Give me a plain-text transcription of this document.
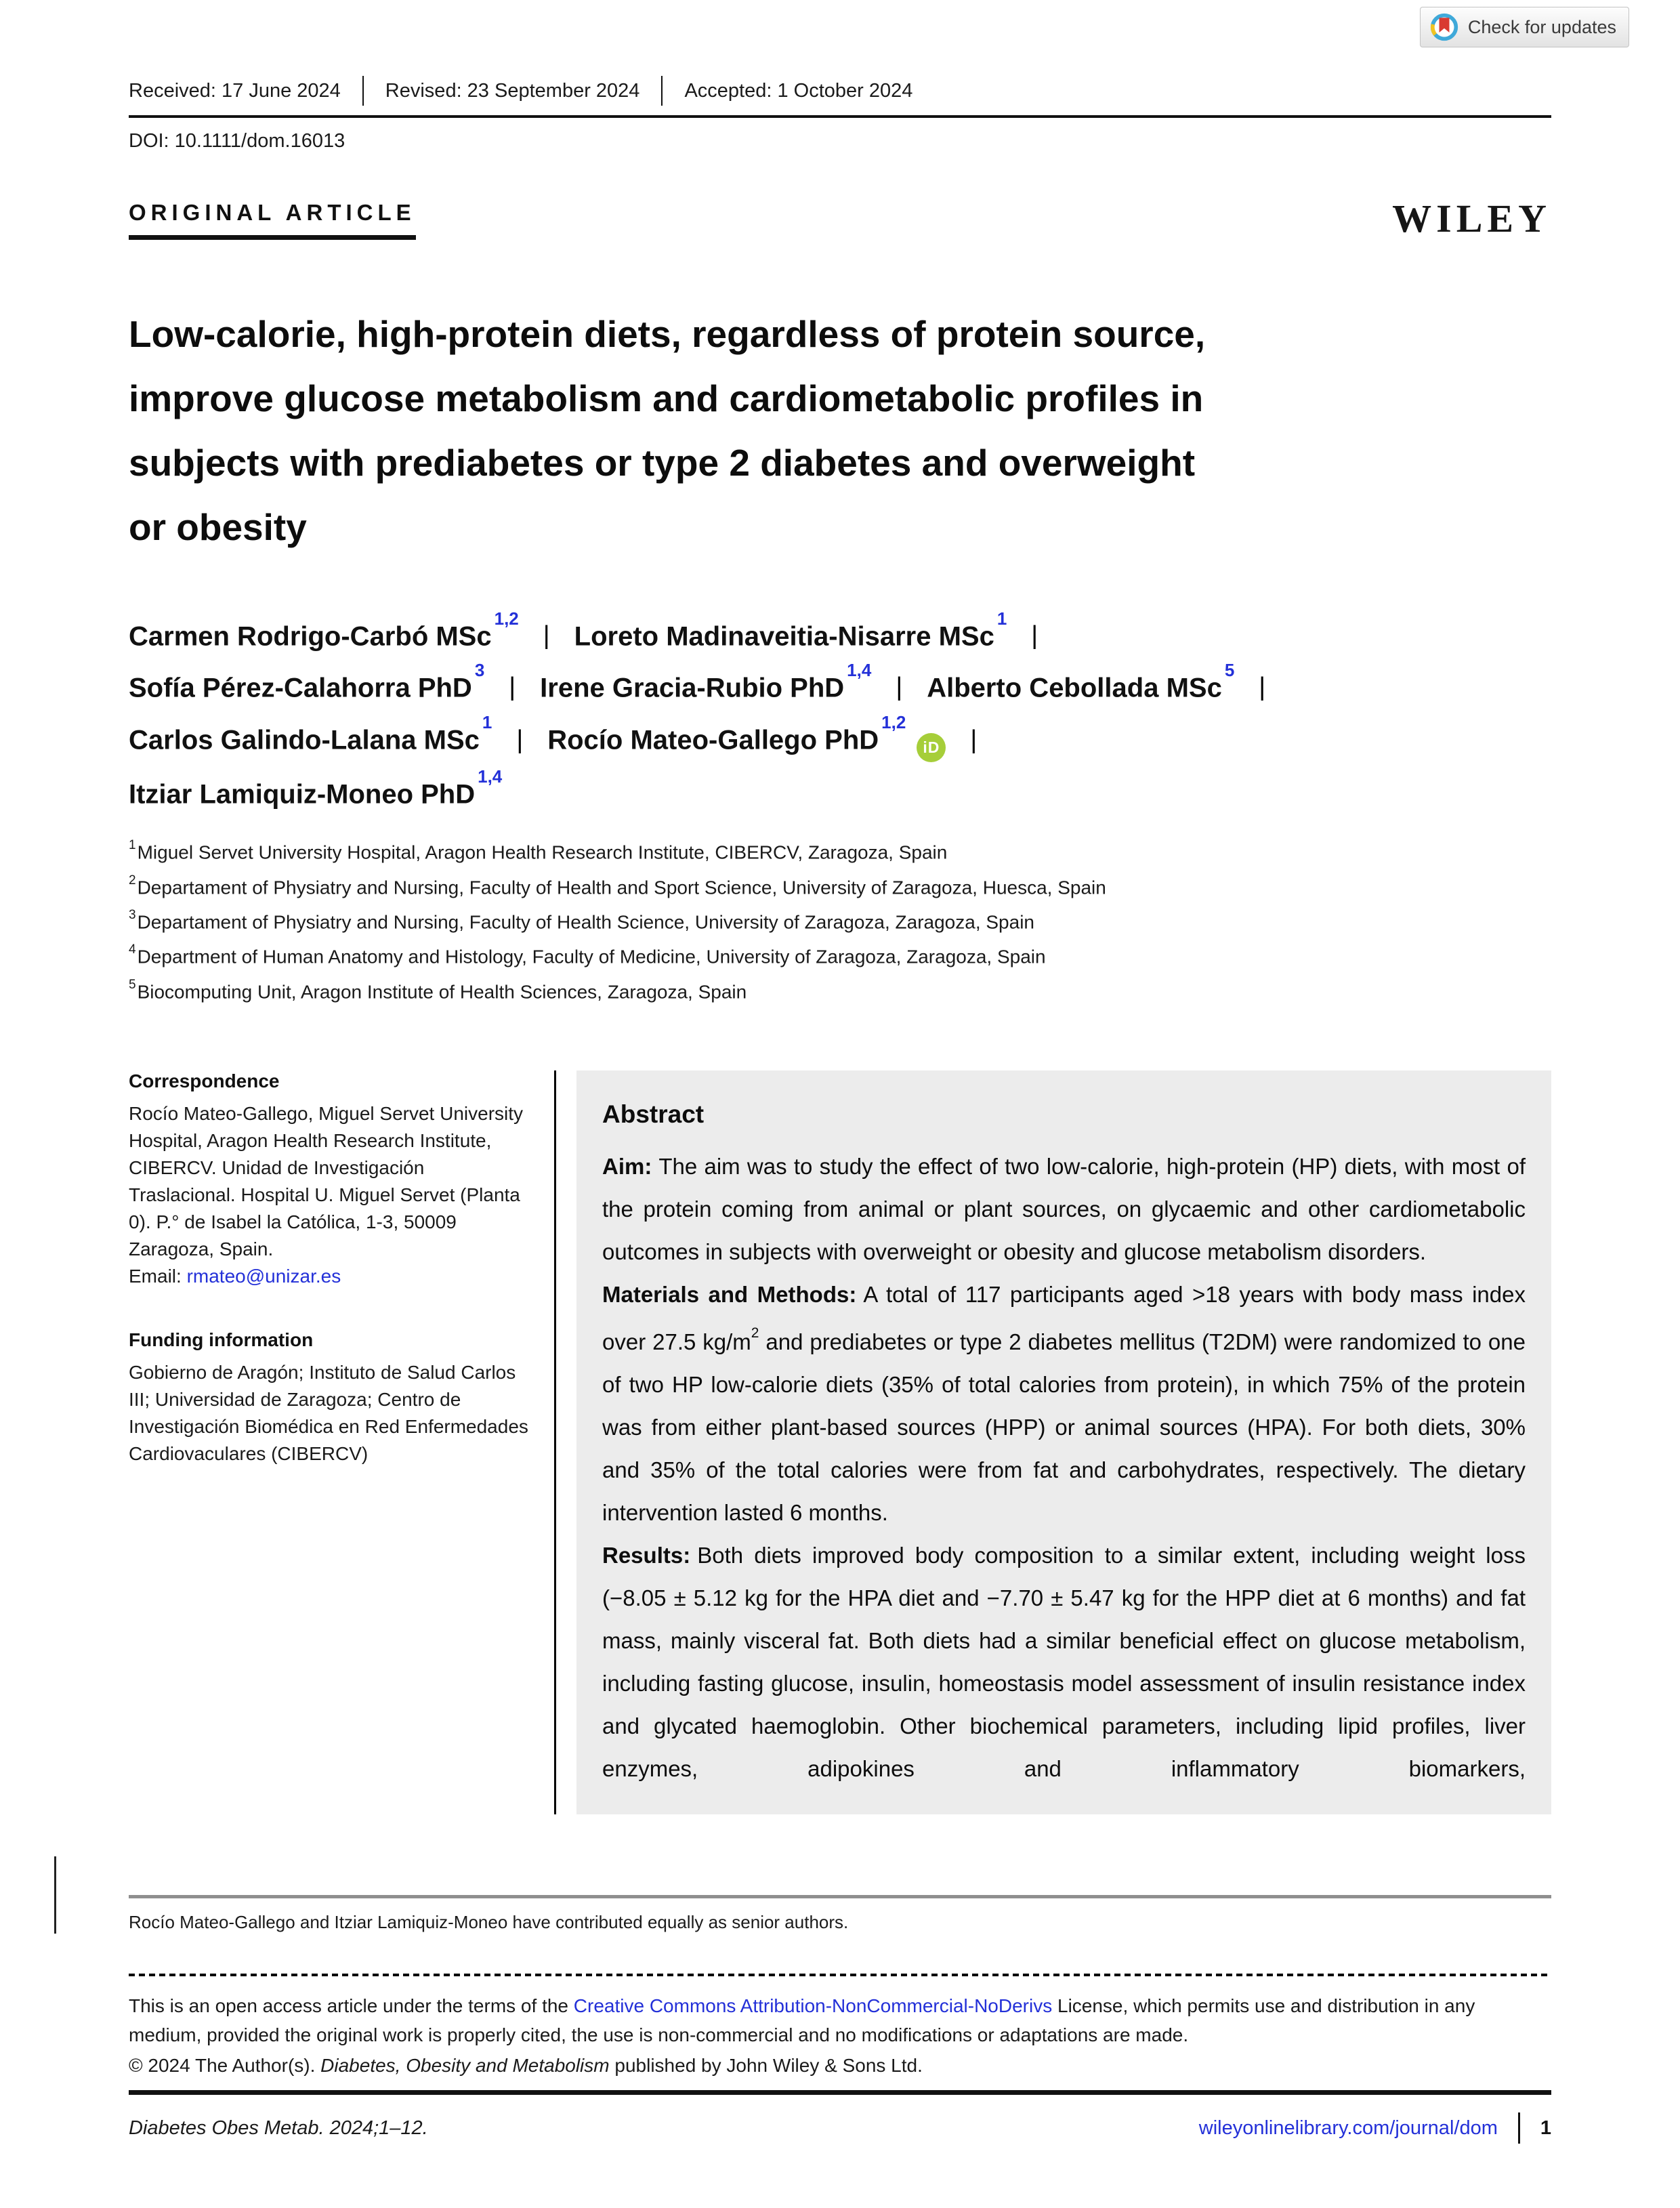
Check for updates
Received: 17 June 2024 Revised: 23 September 2024 Accepted: 1 October 2024
DOI: 10.1111/dom.16013
ORIGINAL ARTICLE	WILEY
Low-calorie, high-protein diets, regardless of protein source,
improve glucose metabolism and cardiometabolic profiles in
subjects with prediabetes or type 2 diabetes and overweight
or obesity
Carmen Rodrigo-Carbó MSc$^{1,2}$
| Loreto Madinaveitia-Nisarre MSc$^1$
|
Sofía Pérez-Calahorra PhD$^3$
| Irene Gracia-Rubio PhD$^{1,4}$
| Alberto Cebollada MSc$^5$
|
Carlos Galindo-Lalana MSc$^1$
| Rocío Mateo-Gallego PhD$^{1,2}$
iD |
Itziar Lamiquiz-Moneo PhD$^{1,4}$
$^1$Miguel Servet University Hospital, Aragon Health Research Institute, CIBERCV, Zaragoza, Spain
$^2$Departament of Physiatry and Nursing, Faculty of Health and Sport Science, University of Zaragoza, Huesca, Spain
$^3$Departament of Physiatry and Nursing, Faculty of Health Science, University of Zaragoza, Zaragoza, Spain
$^4$Department of Human Anatomy and Histology, Faculty of Medicine, University of Zaragoza, Zaragoza, Spain
$^5$Biocomputing Unit, Aragon Institute of Health Sciences, Zaragoza, Spain
Correspondence
Rocío Mateo-Gallego, Miguel Servet University Hospital, Aragon Health Research Institute, CIBERCV. Unidad de Investigación Traslacional. Hospital U. Miguel Servet (Planta 0). P.° de Isabel la Católica, 1-3, 50009 Zaragoza, Spain.
Email: rmateo@unizar.es
Funding information
Gobierno de Aragón; Instituto de Salud Carlos III; Universidad de Zaragoza; Centro de Investigación Biomédica en Red Enfermedades Cardiovaculares (CIBERCV)
Abstract

Aim: The aim was to study the effect of two low-calorie, high-protein (HP) diets, with most of the protein coming from animal or plant sources, on glycaemic and other cardiometabolic outcomes in subjects with overweight or obesity and glucose metabolism disorders.

Materials and Methods: A total of 117 participants aged >18 years with body mass index over 27.5 $kg/m^2$ and prediabetes or type 2 diabetes mellitus (T2DM) were randomized to one of two HP low-calorie diets (35% of total calories from protein), in which 75% of the protein was from either plant-based sources (HPP) or animal sources (HPA). For both diets, 30% and 35% of the total calories were from fat and carbohydrates, respectively. The dietary intervention lasted 6 months.

Results: Both diets improved body composition to a similar extent, including weight loss (−8.05 ± 5.12 kg for the HPA diet and −7.70 ± 5.47 kg for the HPP diet at 6 months) and fat mass, mainly visceral fat. Both diets had a similar beneficial effect on glucose metabolism, including fasting glucose, insulin, homeostasis model assessment of insulin resistance index and glycated haemoglobin. Other biochemical parameters, including lipid profiles, liver enzymes, adipokines and inflammatory biomarkers,

Rocío Mateo-Gallego and Itziar Lamiquiz-Moneo have contributed equally as senior authors.
This is an open access article under the terms of the Creative Commons Attribution-NonCommercial-NoDerivs License, which permits use and distribution in any medium, provided the original work is properly cited, the use is non-commercial and no modifications or adaptations are made.
© 2024 The Author(s). Diabetes, Obesity and Metabolism published by John Wiley & Sons Ltd.
Diabetes Obes Metab. 2024;1–12.	wileyonlinelibrary.com/journal/dom 1
